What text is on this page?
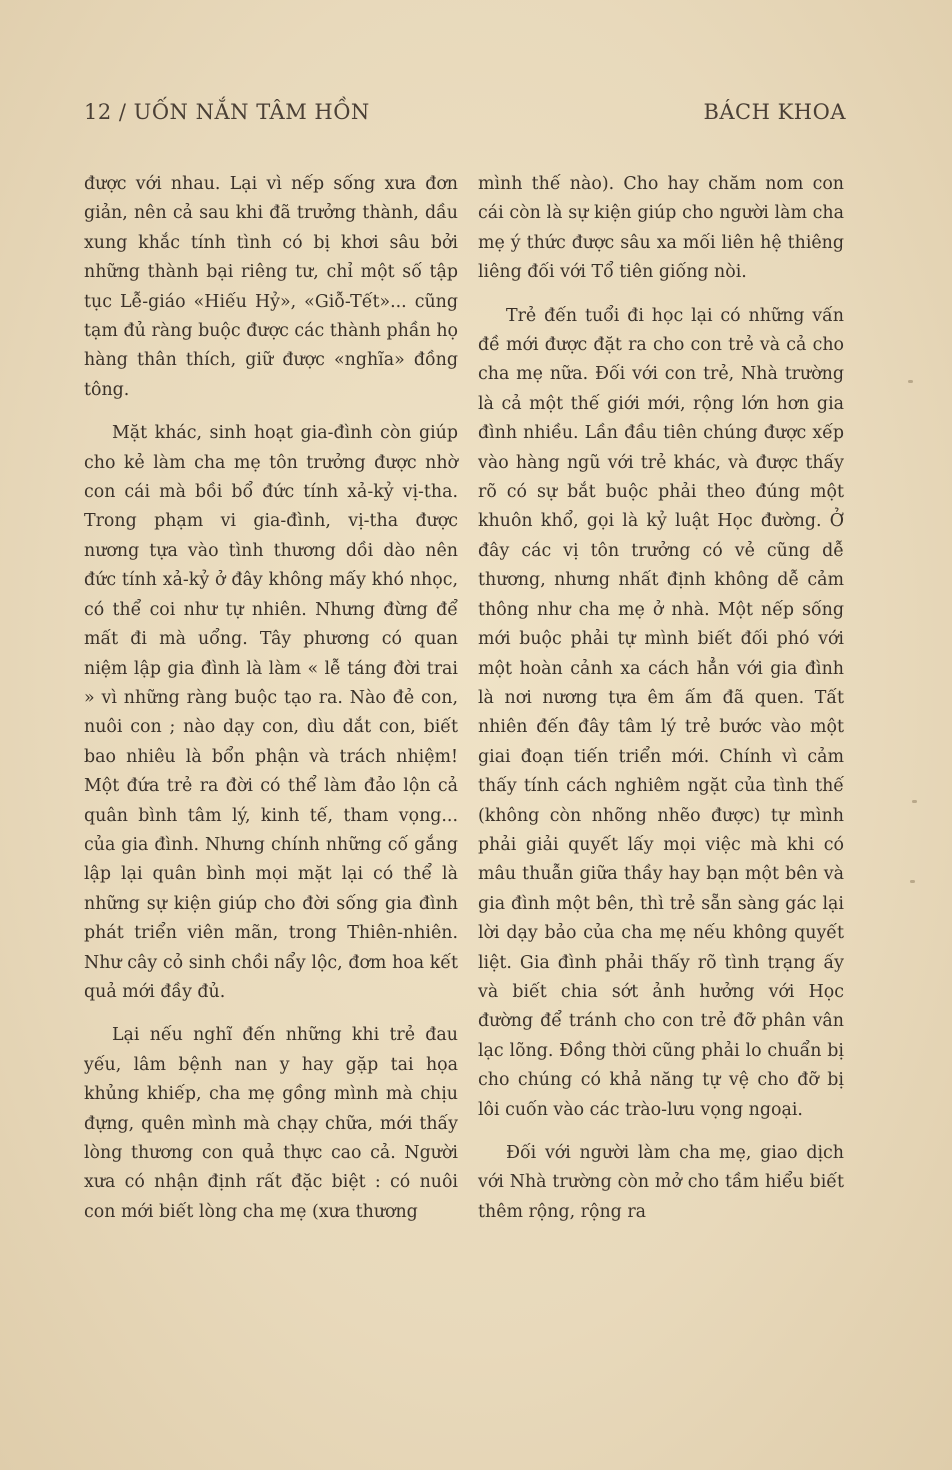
12 / UỐN NẮN TÂM HỒN	BÁCH KHOA

được với nhau. Lại vì nếp sống xưa đơn giản, nên cả sau khi đã trưởng thành, dầu xung khắc tính tình có bị khơi sâu bởi những thành bại riêng tư, chỉ một số tập tục Lễ-giáo «Hiếu Hỷ», «Giỗ-Tết»... cũng tạm đủ ràng buộc được các thành phần họ hàng thân thích, giữ được «nghĩa» đồng tông.

Mặt khác, sinh hoạt gia-đình còn giúp cho kẻ làm cha mẹ tôn trưởng được nhờ con cái mà bồi bổ đức tính xả-kỷ vị-tha. Trong phạm vi gia-đình, vị-tha được nương tựa vào tình thương dồi dào nên đức tính xả-kỷ ở đây không mấy khó nhọc, có thể coi như tự nhiên. Nhưng đừng để mất đi mà uổng. Tây phương có quan niệm lập gia đình là làm « lễ táng đời trai » vì những ràng buộc tạo ra. Nào đẻ con, nuôi con ; nào dạy con, dìu dắt con, biết bao nhiêu là bổn phận và trách nhiệm! Một đứa trẻ ra đời có thể làm đảo lộn cả quân bình tâm lý, kinh tế, tham vọng... của gia đình. Nhưng chính những cố gắng lập lại quân bình mọi mặt lại có thể là những sự kiện giúp cho đời sống gia đình phát triển viên mãn, trong Thiên-nhiên. Như cây cỏ sinh chồi nẩy lộc, đơm hoa kết quả mới đầy đủ.

Lại nếu nghĩ đến những khi trẻ đau yếu, lâm bệnh nan y hay gặp tai họa khủng khiếp, cha mẹ gồng mình mà chịu đựng, quên mình mà chạy chữa, mới thấy lòng thương con quả thực cao cả. Người xưa có nhận định rất đặc biệt : có nuôi con mới biết lòng cha mẹ (xưa thương

mình thế nào). Cho hay chăm nom con cái còn là sự kiện giúp cho người làm cha mẹ ý thức được sâu xa mối liên hệ thiêng liêng đối với Tổ tiên giống nòi.

Trẻ đến tuổi đi học lại có những vấn đề mới được đặt ra cho con trẻ và cả cho cha mẹ nữa. Đối với con trẻ, Nhà trường là cả một thế giới mới, rộng lớn hơn gia đình nhiều. Lần đầu tiên chúng được xếp vào hàng ngũ với trẻ khác, và được thấy rõ có sự bắt buộc phải theo đúng một khuôn khổ, gọi là kỷ luật Học đường. Ở đây các vị tôn trưởng có vẻ cũng dễ thương, nhưng nhất định không dễ cảm thông như cha mẹ ở nhà. Một nếp sống mới buộc phải tự mình biết đối phó với một hoàn cảnh xa cách hẳn với gia đình là nơi nương tựa êm ấm đã quen. Tất nhiên đến đây tâm lý trẻ bước vào một giai đoạn tiến triển mới. Chính vì cảm thấy tính cách nghiêm ngặt của tình thế (không còn nhõng nhẽo được) tự mình phải giải quyết lấy mọi việc mà khi có mâu thuẫn giữa thầy hay bạn một bên và gia đình một bên, thì trẻ sẵn sàng gác lại lời dạy bảo của cha mẹ nếu không quyết liệt. Gia đình phải thấy rõ tình trạng ấy và biết chia sớt ảnh hưởng với Học đường để tránh cho con trẻ đỡ phân vân lạc lõng. Đồng thời cũng phải lo chuẩn bị cho chúng có khả năng tự vệ cho đỡ bị lôi cuốn vào các trào-lưu vọng ngoại.

Đối với người làm cha mẹ, giao dịch với Nhà trường còn mở cho tầm hiểu biết thêm rộng, rộng ra
